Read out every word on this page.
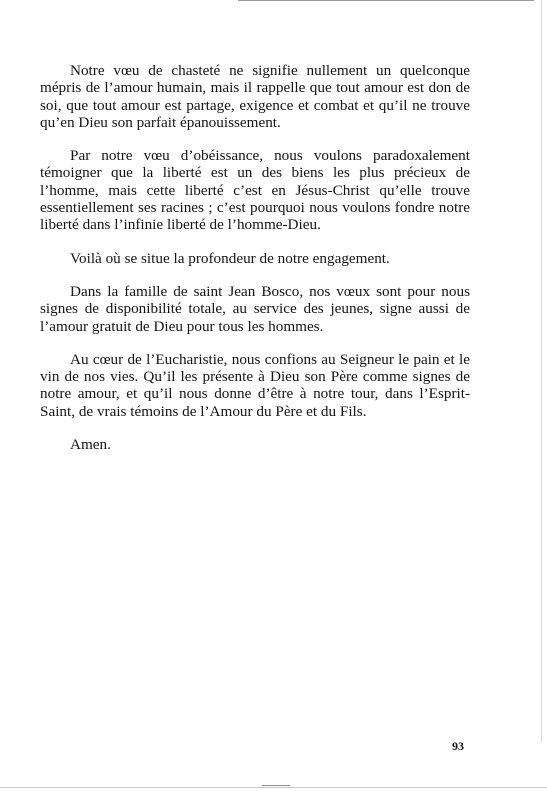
Notre vœu de chasteté ne signifie nullement un quelconque mépris de l’amour humain, mais il rappelle que tout amour est don de soi, que tout amour est partage, exigence et combat et qu’il ne trouve qu’en Dieu son parfait épanouissement.

Par notre vœu d’obéissance, nous voulons paradoxalement témoigner que la liberté est un des biens les plus précieux de l’homme, mais cette liberté c’est en Jésus-Christ qu’elle trouve essentiellement ses racines ; c’est pourquoi nous voulons fondre notre liberté dans l’infinie liberté de l’homme-Dieu.

Voilà où se situe la profondeur de notre engagement.

Dans la famille de saint Jean Bosco, nos vœux sont pour nous signes de disponibilité totale, au service des jeunes, signe aussi de l’amour gratuit de Dieu pour tous les hommes.

Au cœur de l’Eucharistie, nous confions au Seigneur le pain et le vin de nos vies. Qu’il les présente à Dieu son Père comme signes de notre amour, et qu’il nous donne d’être à notre tour, dans l’Esprit-Saint, de vrais témoins de l’Amour du Père et du Fils.

Amen.

93
